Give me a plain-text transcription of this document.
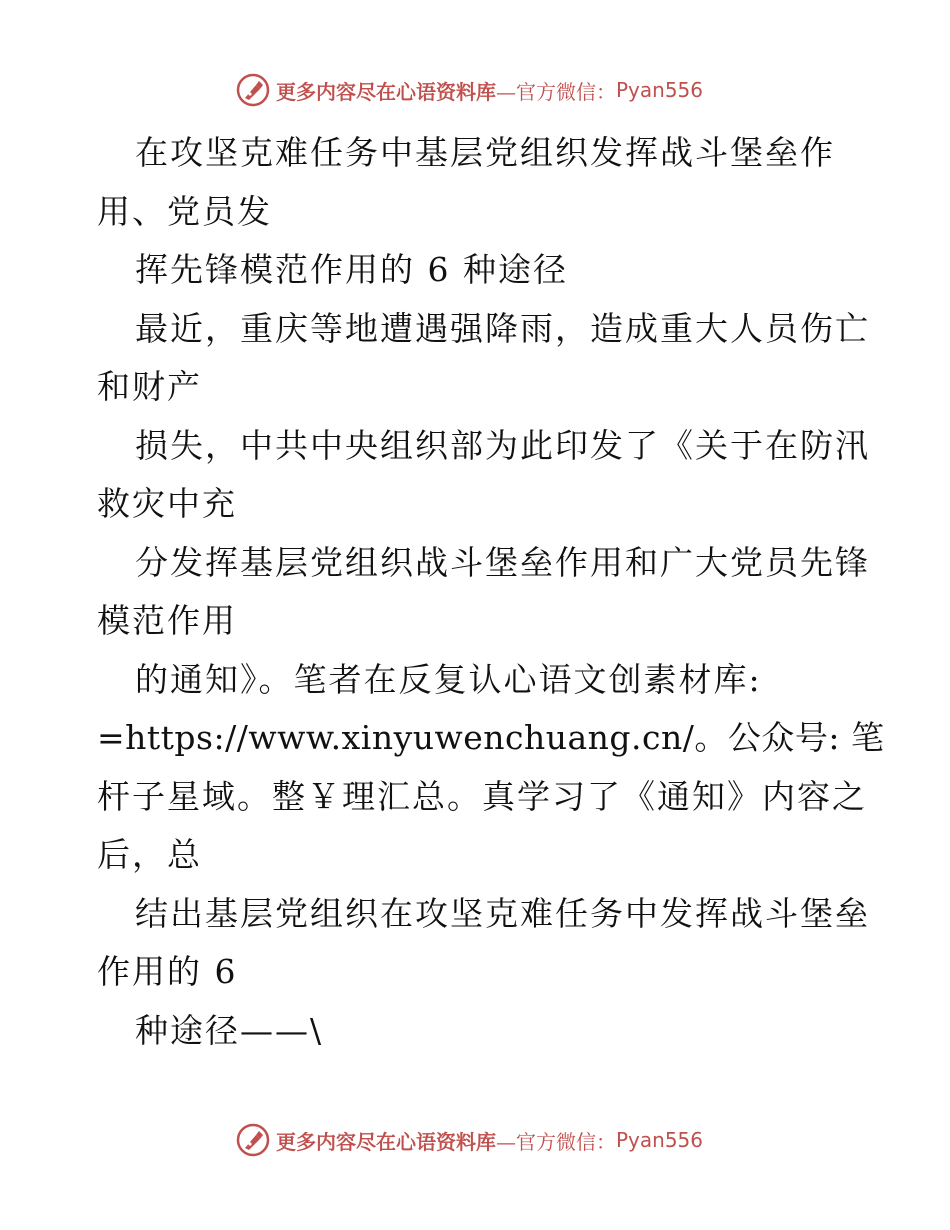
更多内容尽在心语资料库 —官方微信： Pyan556
在攻坚克难任务中基层党组织发挥战斗堡垒作
用、党员发
挥先锋模范作用的 6 种途径
最近，重庆等地遭遇强降雨，造成重大人员伤亡
和财产
损失，中共中央组织部为此印发了《关于在防汛
救灾中充
分发挥基层党组织战斗堡垒作用和广大党员先锋
模范作用
的通知》。笔者在反复认心语文创素材库:
=https://www.xinyuwenchuang.cn/。公众号: 笔
杆子星域。整￥理汇总。真学习了《通知》内容之
后，总
结出基层党组织在攻坚克难任务中发挥战斗堡垒
作用的 6
种途径——\
更多内容尽在心语资料库 —官方微信： Pyan556
